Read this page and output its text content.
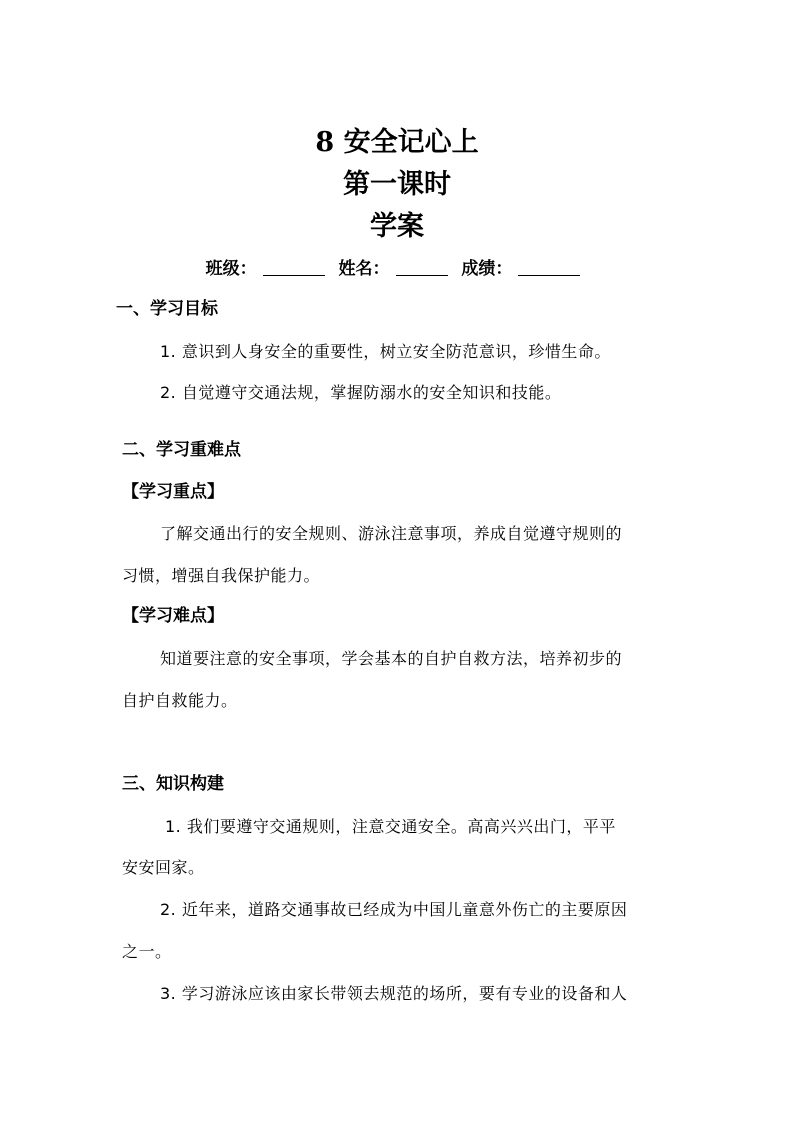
8 安全记心上
第一课时
学案
班级：	姓名：	成绩：
一、学习目标
1. 意识到人身安全的重要性，树立安全防范意识，珍惜生命。
2. 自觉遵守交通法规，掌握防溺水的安全知识和技能。
二、学习重难点
【学习重点】
了解交通出行的安全规则、游泳注意事项，养成自觉遵守规则的
习惯，增强自我保护能力。
【学习难点】
知道要注意的安全事项，学会基本的自护自救方法，培养初步的
自护自救能力。
三、知识构建
1. 我们要遵守交通规则，注意交通安全。高高兴兴出门，平平
安安回家。
2. 近年来，道路交通事故已经成为中国儿童意外伤亡的主要原因
之一。
3. 学习游泳应该由家长带领去规范的场所，要有专业的设备和人
